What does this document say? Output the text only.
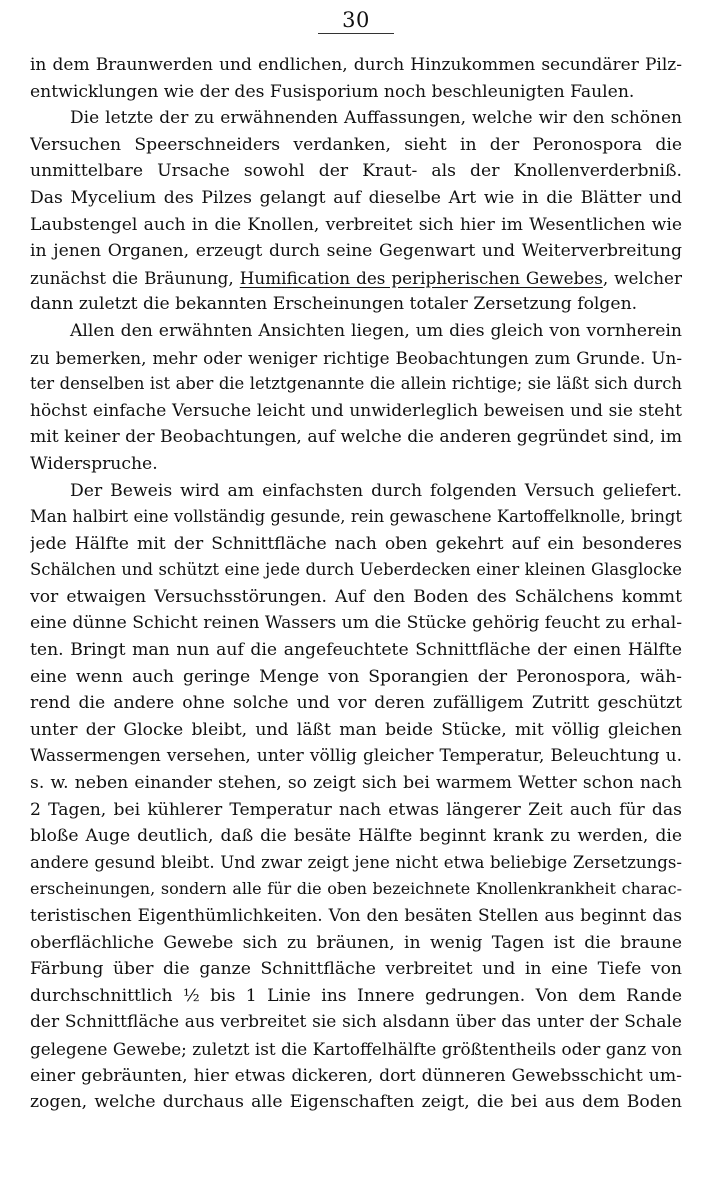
30
in dem Braunwerden und endlichen, durch Hinzukommen secundärer Pilz-
entwicklungen wie der des Fusisporium noch beschleunigten Faulen.
Die letzte der zu erwähnenden Auffassungen, welche wir den schönen
Versuchen Speerschneiders verdanken, sieht in der Peronospora die
unmittelbare Ursache sowohl der Kraut- als der Knollenverderbniß.
Das Mycelium des Pilzes gelangt auf dieselbe Art wie in die Blätter und
Laubstengel auch in die Knollen, verbreitet sich hier im Wesentlichen wie
in jenen Organen, erzeugt durch seine Gegenwart und Weiterverbreitung
zunächst die Bräunung, Humification des peripherischen Gewebes, welcher
dann zuletzt die bekannten Erscheinungen totaler Zersetzung folgen.
Allen den erwähnten Ansichten liegen, um dies gleich von vornherein
zu bemerken, mehr oder weniger richtige Beobachtungen zum Grunde. Un-
ter denselben ist aber die letztgenannte die allein richtige; sie läßt sich durch
höchst einfache Versuche leicht und unwiderleglich beweisen und sie steht
mit keiner der Beobachtungen, auf welche die anderen gegründet sind, im
Widerspruche.
Der Beweis wird am einfachsten durch folgenden Versuch geliefert.
Man halbirt eine vollständig gesunde, rein gewaschene Kartoffelknolle, bringt
jede Hälfte mit der Schnittfläche nach oben gekehrt auf ein besonderes
Schälchen und schützt eine jede durch Ueberdecken einer kleinen Glasglocke
vor etwaigen Versuchsstörungen. Auf den Boden des Schälchens kommt
eine dünne Schicht reinen Wassers um die Stücke gehörig feucht zu erhal-
ten. Bringt man nun auf die angefeuchtete Schnittfläche der einen Hälfte
eine wenn auch geringe Menge von Sporangien der Peronospora, wäh-
rend die andere ohne solche und vor deren zufälligem Zutritt geschützt
unter der Glocke bleibt, und läßt man beide Stücke, mit völlig gleichen
Wassermengen versehen, unter völlig gleicher Temperatur, Beleuchtung u.
s. w. neben einander stehen, so zeigt sich bei warmem Wetter schon nach
2 Tagen, bei kühlerer Temperatur nach etwas längerer Zeit auch für das
bloße Auge deutlich, daß die besäte Hälfte beginnt krank zu werden, die
andere gesund bleibt. Und zwar zeigt jene nicht etwa beliebige Zersetzungs-
erscheinungen, sondern alle für die oben bezeichnete Knollenkrankheit charac-
teristischen Eigenthümlichkeiten. Von den besäten Stellen aus beginnt das
oberflächliche Gewebe sich zu bräunen, in wenig Tagen ist die braune
Färbung über die ganze Schnittfläche verbreitet und in eine Tiefe von
durchschnittlich ½ bis 1 Linie ins Innere gedrungen. Von dem Rande
der Schnittfläche aus verbreitet sie sich alsdann über das unter der Schale
gelegene Gewebe; zuletzt ist die Kartoffelhälfte größtentheils oder ganz von
einer gebräunten, hier etwas dickeren, dort dünneren Gewebsschicht um-
zogen, welche durchaus alle Eigenschaften zeigt, die bei aus dem Boden
